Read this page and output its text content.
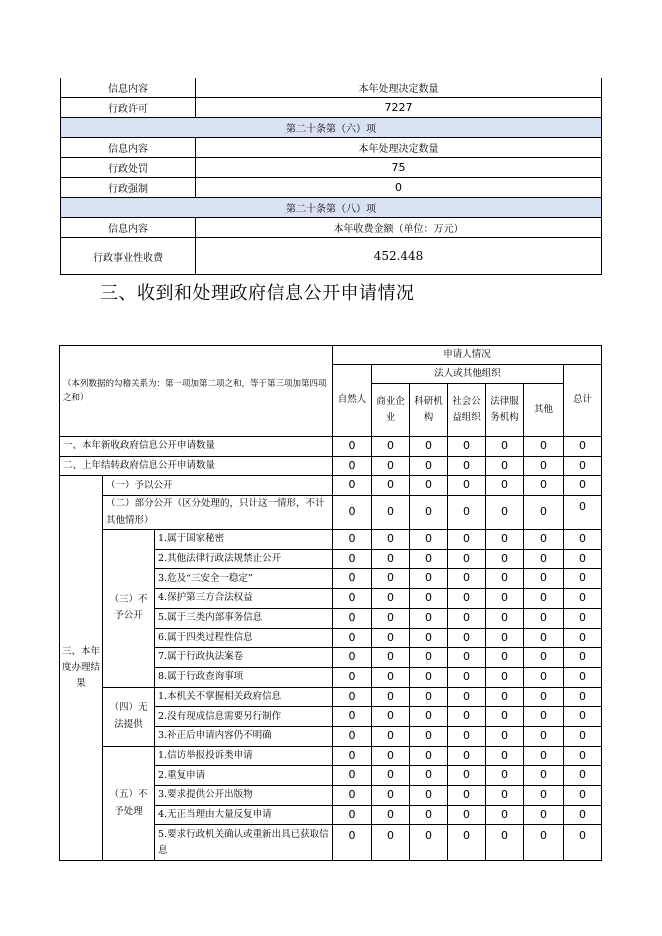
信息内容	本年处理决定数量
行政许可	7227
第二十条第（六）项	
信息内容	本年处理决定数量
行政处罚	75
行政强制	0
第二十条第（八）项	
信息内容	本年收费金额（单位：万元）
行政事业性收费	452.448
三、收到和处理政府信息公开申请情况
（本列数据的勾稽关系为：第一项加第二项之和，等于第三项加第四项之和）			申请人情况						
			自然人	法人或其他组织					总计
				商业企业	科研机构	社会公益组织	法律服务机构	其他	
一、本年新收政府信息公开申请数量			0	0	0	0	0	0	0
二、上年结转政府信息公开申请数量			0	0	0	0	0	0	0
三、本年度办理结果	（一）予以公开		0	0	0	0	0	0	0
	（二）部分公开（区分处理的，只计这一情形，不计其他情形）		0	0	0	0	0	0	0
	（三）不予公开	1.属于国家秘密	0	0	0	0	0	0	0
		2.其他法律行政法规禁止公开	0	0	0	0	0	0	0
		3.危及“三安全一稳定”	0	0	0	0	0	0	0
		4.保护第三方合法权益	0	0	0	0	0	0	0
		5.属于三类内部事务信息	0	0	0	0	0	0	0
		6.属于四类过程性信息	0	0	0	0	0	0	0
		7.属于行政执法案卷	0	0	0	0	0	0	0
		8.属于行政查询事项	0	0	0	0	0	0	0
	（四）无法提供	1.本机关不掌握相关政府信息	0	0	0	0	0	0	0
		2.没有现成信息需要另行制作	0	0	0	0	0	0	0
		3.补正后申请内容仍不明确	0	0	0	0	0	0	0
	（五）不予处理	1.信访举报投诉类申请	0	0	0	0	0	0	0
		2.重复申请	0	0	0	0	0	0	0
		3.要求提供公开出版物	0	0	0	0	0	0	0
		4.无正当理由大量反复申请	0	0	0	0	0	0	0
		5.要求行政机关确认或重新出具已获取信息	0	0	0	0	0	0	0
